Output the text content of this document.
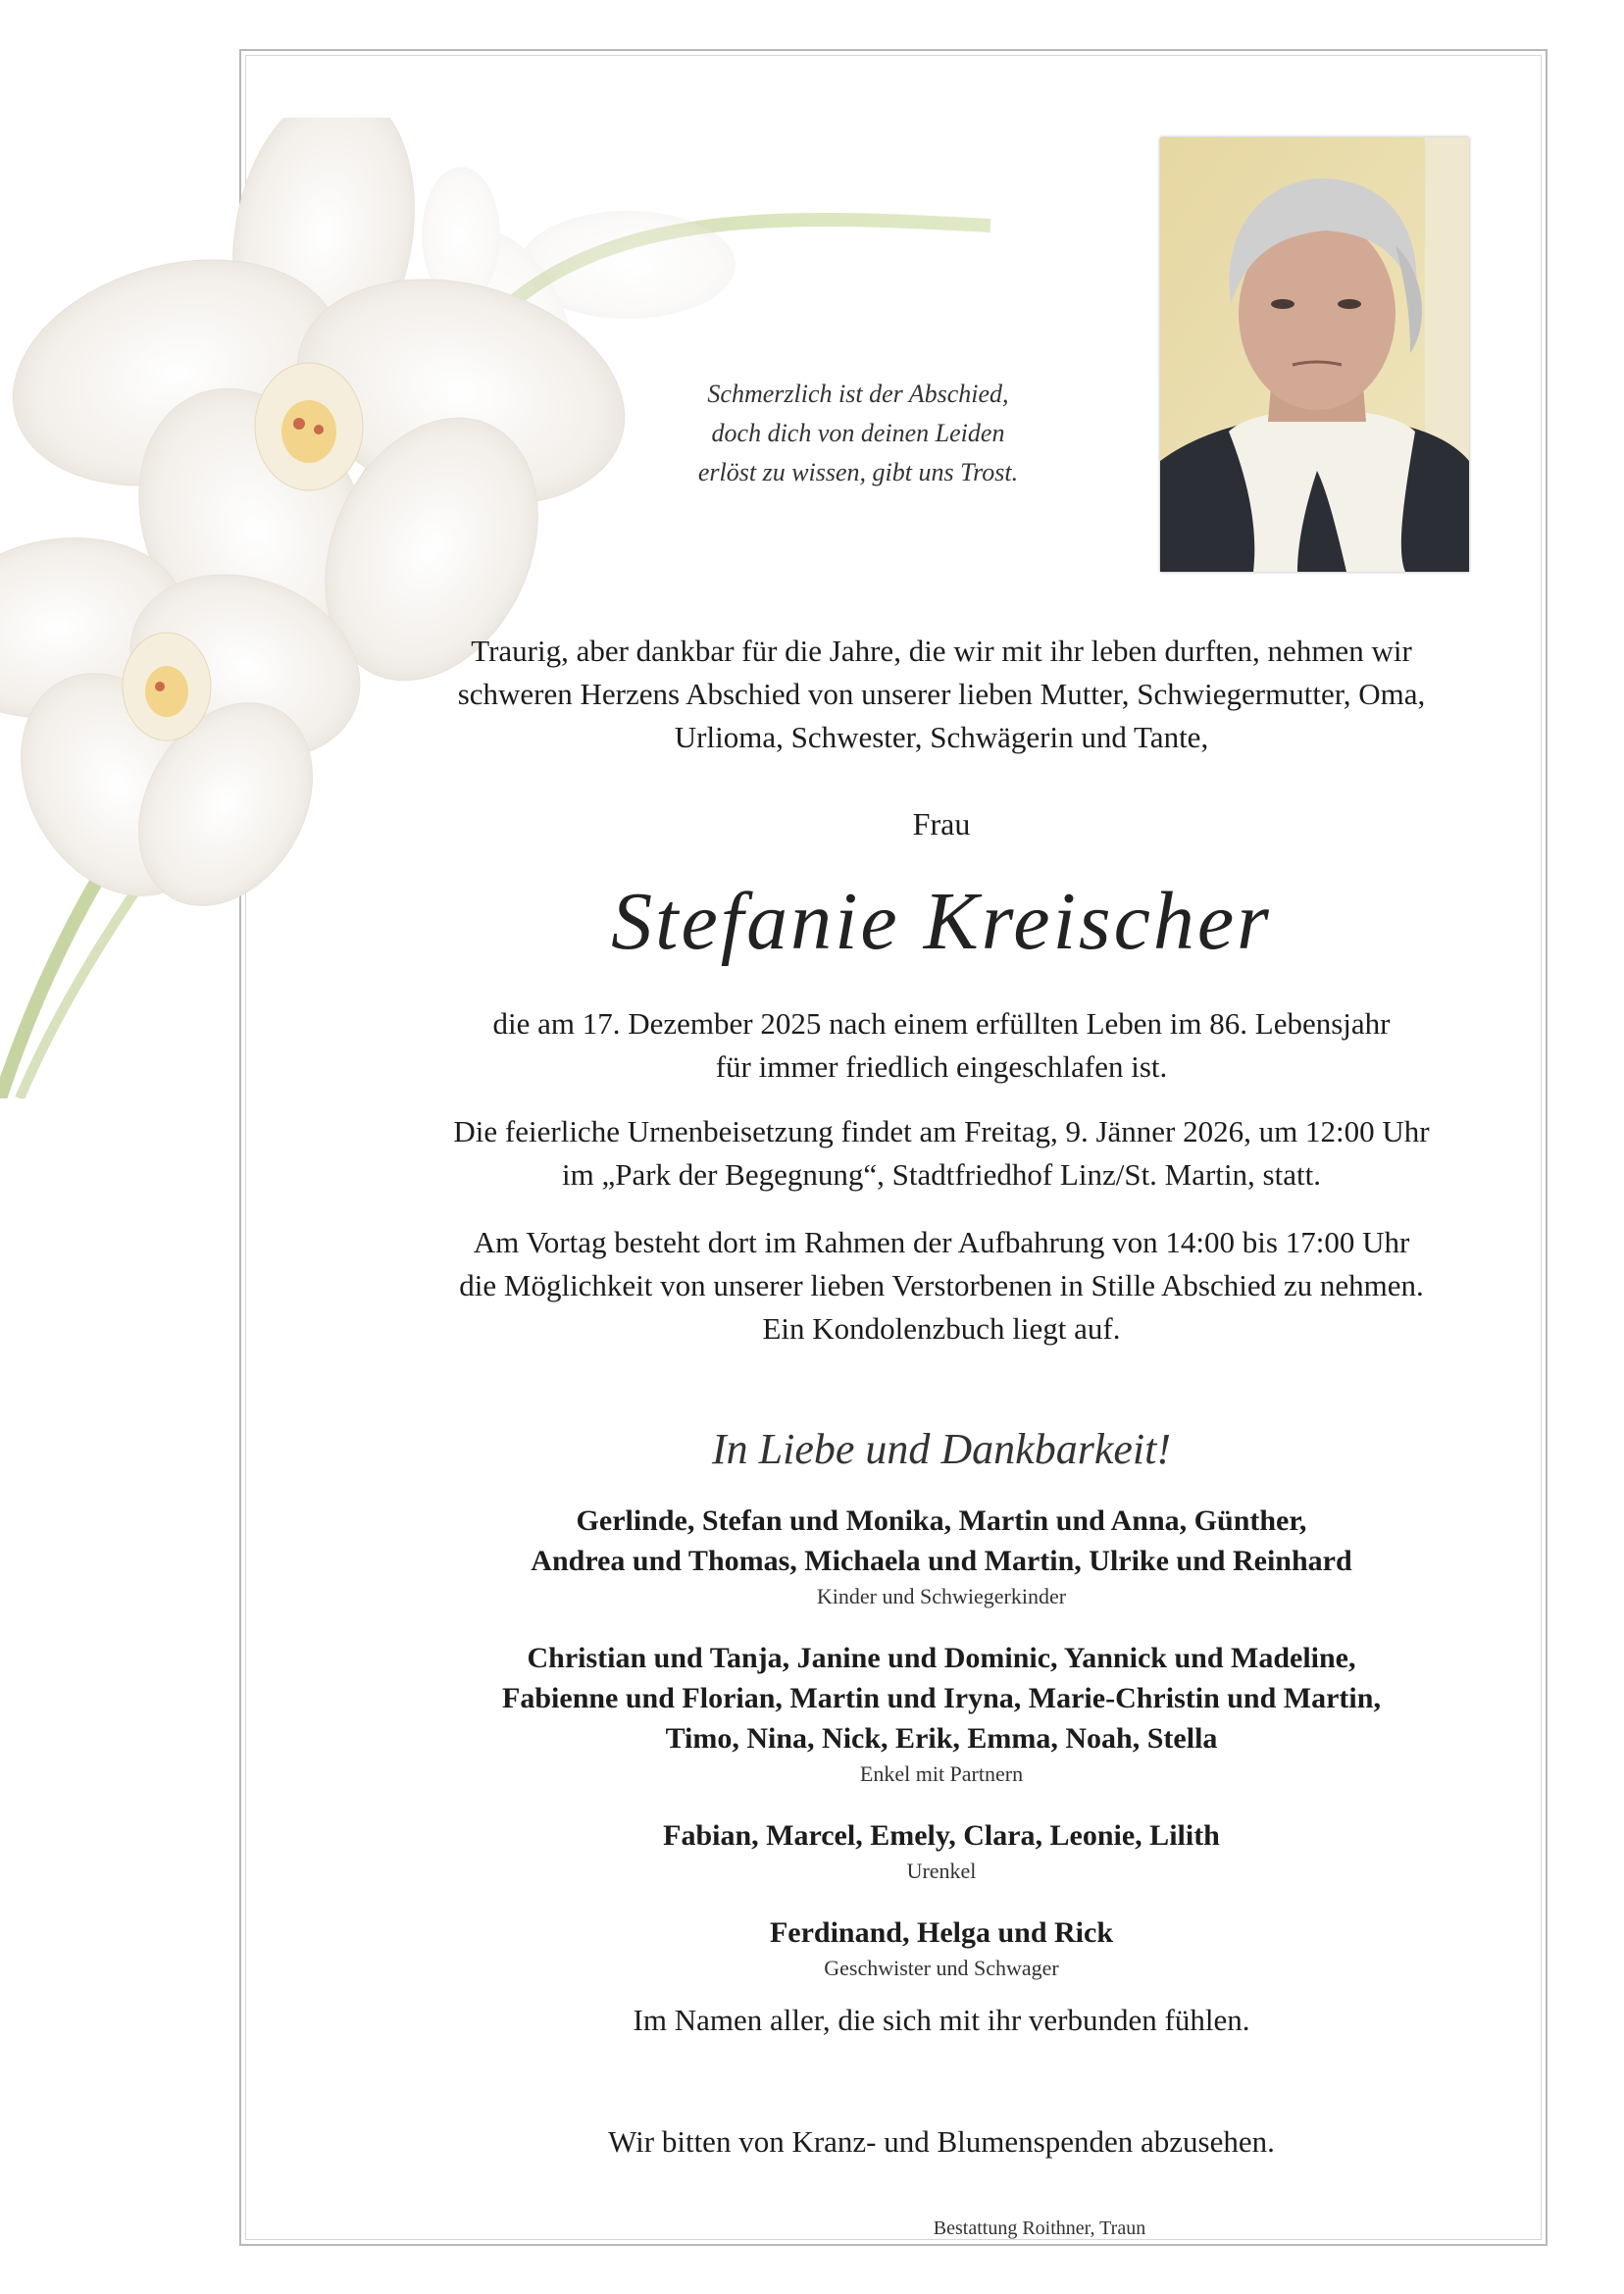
Schmerzlich ist der Abschied,
doch dich von deinen Leiden
erlöst zu wissen, gibt uns Trost.

Traurig, aber dankbar für die Jahre, die wir mit ihr leben durften, nehmen wir

schweren Herzens Abschied von unserer lieben Mutter, Schwiegermutter, Oma,

Urlioma, Schwester, Schwägerin und Tante,

Frau
Stefanie Kreischer

die am 17. Dezember 2025 nach einem erfüllten Leben im 86. Lebensjahr

für immer friedlich eingeschlafen ist.

Die feierliche Urnenbeisetzung findet am Freitag, 9. Jänner 2026, um 12:00 Uhr

im „Park der Begegnung“, Stadtfriedhof Linz/St. Martin, statt.

Am Vortag besteht dort im Rahmen der Aufbahrung von 14:00 bis 17:00 Uhr

die Möglichkeit von unserer lieben Verstorbenen in Stille Abschied zu nehmen.

Ein Kondolenzbuch liegt auf.

In Liebe und Dankbarkeit!

Gerlinde, Stefan und Monika, Martin und Anna, Günther,

Andrea und Thomas, Michaela und Martin, Ulrike und Reinhard

Kinder und Schwiegerkinder

Christian und Tanja, Janine und Dominic, Yannick und Madeline,

Fabienne und Florian, Martin und Iryna, Marie-Christin und Martin,

Timo, Nina, Nick, Erik, Emma, Noah, Stella

Enkel mit Partnern

Fabian, Marcel, Emely, Clara, Leonie, Lilith

Urenkel

Ferdinand, Helga und Rick

Geschwister und Schwager

Im Namen aller, die sich mit ihr verbunden fühlen.
Wir bitten von Kranz- und Blumenspenden abzusehen.
Bestattung Roithner, Traun
